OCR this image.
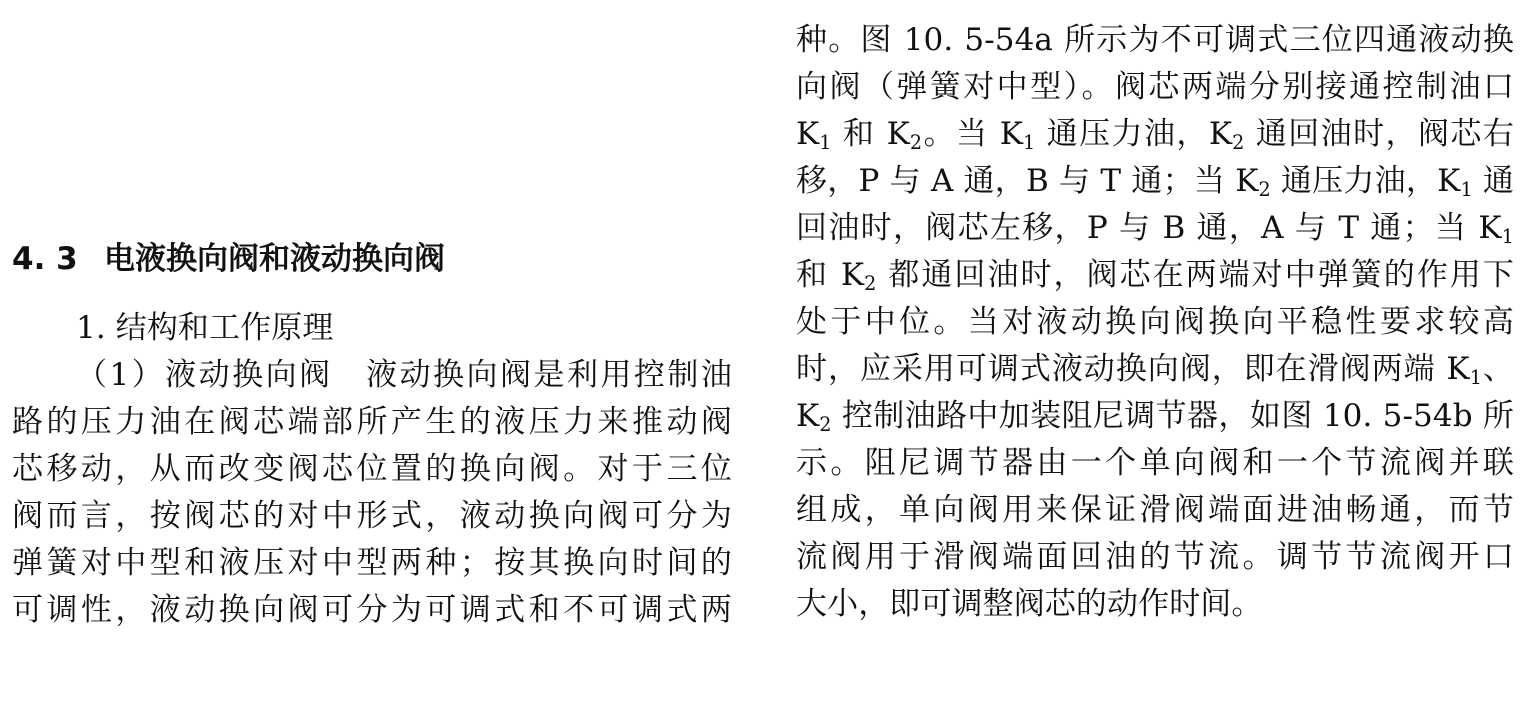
4. 3 电液换向阀和液动换向阀
1. 结构和工作原理
（1）液动换向阀　液动换向阀是利用控制油
路的压力油在阀芯端部所产生的液压力来推动阀
芯移动，从而改变阀芯位置的换向阀。对于三位
阀而言，按阀芯的对中形式，液动换向阀可分为
弹簧对中型和液压对中型两种；按其换向时间的
可调性，液动换向阀可分为可调式和不可调式两
种。图 10. 5-54a 所示为不可调式三位四通液动换
向阀（弹簧对中型）。阀芯两端分别接通控制油口
$K_1$ 和 $K_2$。当 $K_1$ 通压力油，$K_2$ 通回油时，阀芯右
移，P 与 A 通，B 与 T 通；当 $K_2$ 通压力油，$K_1$ 通
回油时，阀芯左移，P 与 B 通，A 与 T 通；当 $K_1$
和 $K_2$ 都通回油时，阀芯在两端对中弹簧的作用下
处于中位。当对液动换向阀换向平稳性要求较高
时，应采用可调式液动换向阀，即在滑阀两端 $K_1$、
$K_2$ 控制油路中加装阻尼调节器，如图 10. 5-54b 所
示。阻尼调节器由一个单向阀和一个节流阀并联
组成，单向阀用来保证滑阀端面进油畅通，而节
流阀用于滑阀端面回油的节流。调节节流阀开口
大小，即可调整阀芯的动作时间。
